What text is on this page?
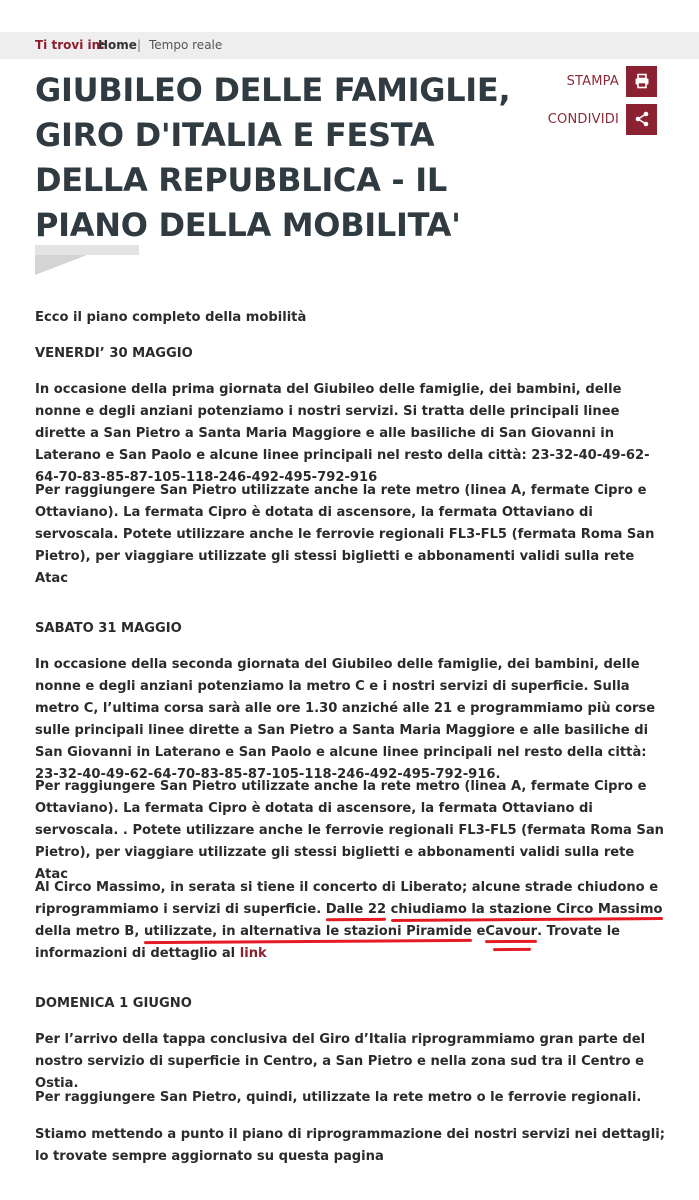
Ti trovi in:
Home | Tempo reale
GIUBILEO DELLE FAMIGLIE, GIRO D'ITALIA E FESTA DELLA REPUBBLICA - IL PIANO DELLA MOBILITA'
STAMPA
CONDIVIDI

Ecco il piano completo della mobilità

VENERDI’ 30 MAGGIO

In occasione della prima giornata del Giubileo delle famiglie, dei bambini, delle nonne e degli anziani potenziamo i nostri servizi. Si tratta delle principali linee dirette a San Pietro a Santa Maria Maggiore e alle basiliche di San Giovanni in Laterano e San Paolo e alcune linee principali nel resto della città: 23-32-40-49-62-64-70-83-85-87-105-118-246-492-495-792-916

Per raggiungere San Pietro utilizzate anche la rete metro (linea A, fermate Cipro e Ottaviano). La fermata Cipro è dotata di ascensore, la fermata Ottaviano di servoscala. Potete utilizzare anche le ferrovie regionali FL3-FL5 (fermata Roma San Pietro), per viaggiare utilizzate gli stessi biglietti e abbonamenti validi sulla rete Atac

SABATO 31 MAGGIO

In occasione della seconda giornata del Giubileo delle famiglie, dei bambini, delle nonne e degli anziani potenziamo la metro C e i nostri servizi di superficie. Sulla metro C, l’ultima corsa sarà alle ore 1.30 anziché alle 21 e programmiamo più corse sulle principali linee dirette a San Pietro a Santa Maria Maggiore e alle basiliche di San Giovanni in Laterano e San Paolo e alcune linee principali nel resto della città: 23-32-40-49-62-64-70-83-85-87-105-118-246-492-495-792-916.

Per raggiungere San Pietro utilizzate anche la rete metro (linea A, fermate Cipro e Ottaviano). La fermata Cipro è dotata di ascensore, la fermata Ottaviano di servoscala. . Potete utilizzare anche le ferrovie regionali FL3-FL5 (fermata Roma San Pietro), per viaggiare utilizzate gli stessi biglietti e abbonamenti validi sulla rete Atac

Al Circo Massimo, in serata si tiene il concerto di Liberato; alcune strade chiudono e riprogrammiamo i servizi di superficie. Dalle 22 chiudiamo la stazione Circo Massimo
della metro B, utilizzate, in alternativa le stazioni Piramide eCavour
. Trovate le informazioni di dettaglio al link

DOMENICA 1 GIUGNO

Per l’arrivo della tappa conclusiva del Giro d’Italia riprogrammiamo gran parte del nostro servizio di superficie in Centro, a San Pietro e nella zona sud tra il Centro e Ostia.

Per raggiungere San Pietro, quindi, utilizzate la rete metro o le ferrovie regionali.

Stiamo mettendo a punto il piano di riprogrammazione dei nostri servizi nei dettagli; lo trovate sempre aggiornato su questa pagina
